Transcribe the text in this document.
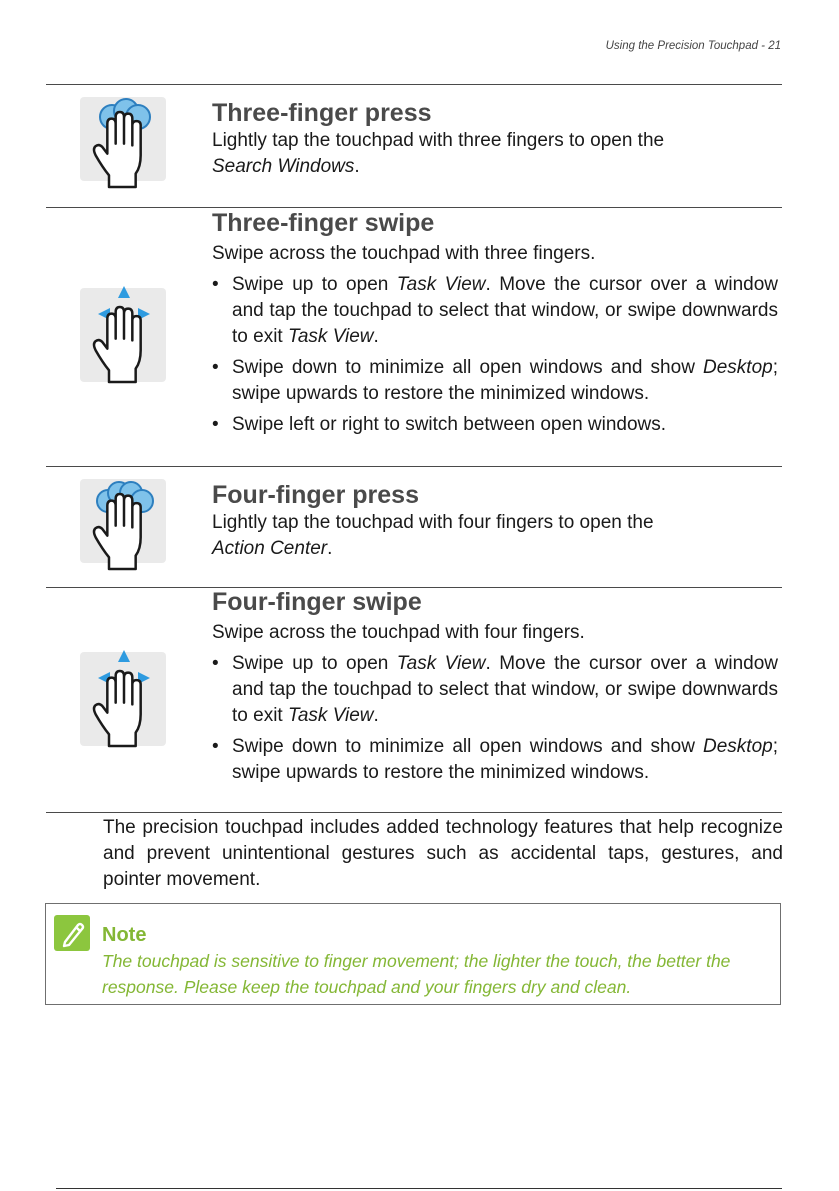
Using the Precision Touchpad - 21
Three-finger press
Lightly tap the touchpad with three fingers to open the
Search Windows.
Three-finger swipe
Swipe across the touchpad with three fingers.
• Swipe up to open Task View. Move the cursor over a window and tap the touchpad to select that window, or swipe downwards to exit Task View.
• Swipe down to minimize all open windows and show Desktop; swipe upwards to restore the minimized windows.
• Swipe left or right to switch between open windows.
Four-finger press
Lightly tap the touchpad with four fingers to open the
Action Center.
Four-finger swipe
Swipe across the touchpad with four fingers.
• Swipe up to open Task View. Move the cursor over a window and tap the touchpad to select that window, or swipe downwards to exit Task View.
• Swipe down to minimize all open windows and show Desktop; swipe upwards to restore the minimized windows.
The precision touchpad includes added technology features that help recognize and prevent unintentional gestures such as accidental taps, gestures, and pointer movement.
Note
The touchpad is sensitive to finger movement; the lighter the touch, the better the response. Please keep the touchpad and your fingers dry and clean.
